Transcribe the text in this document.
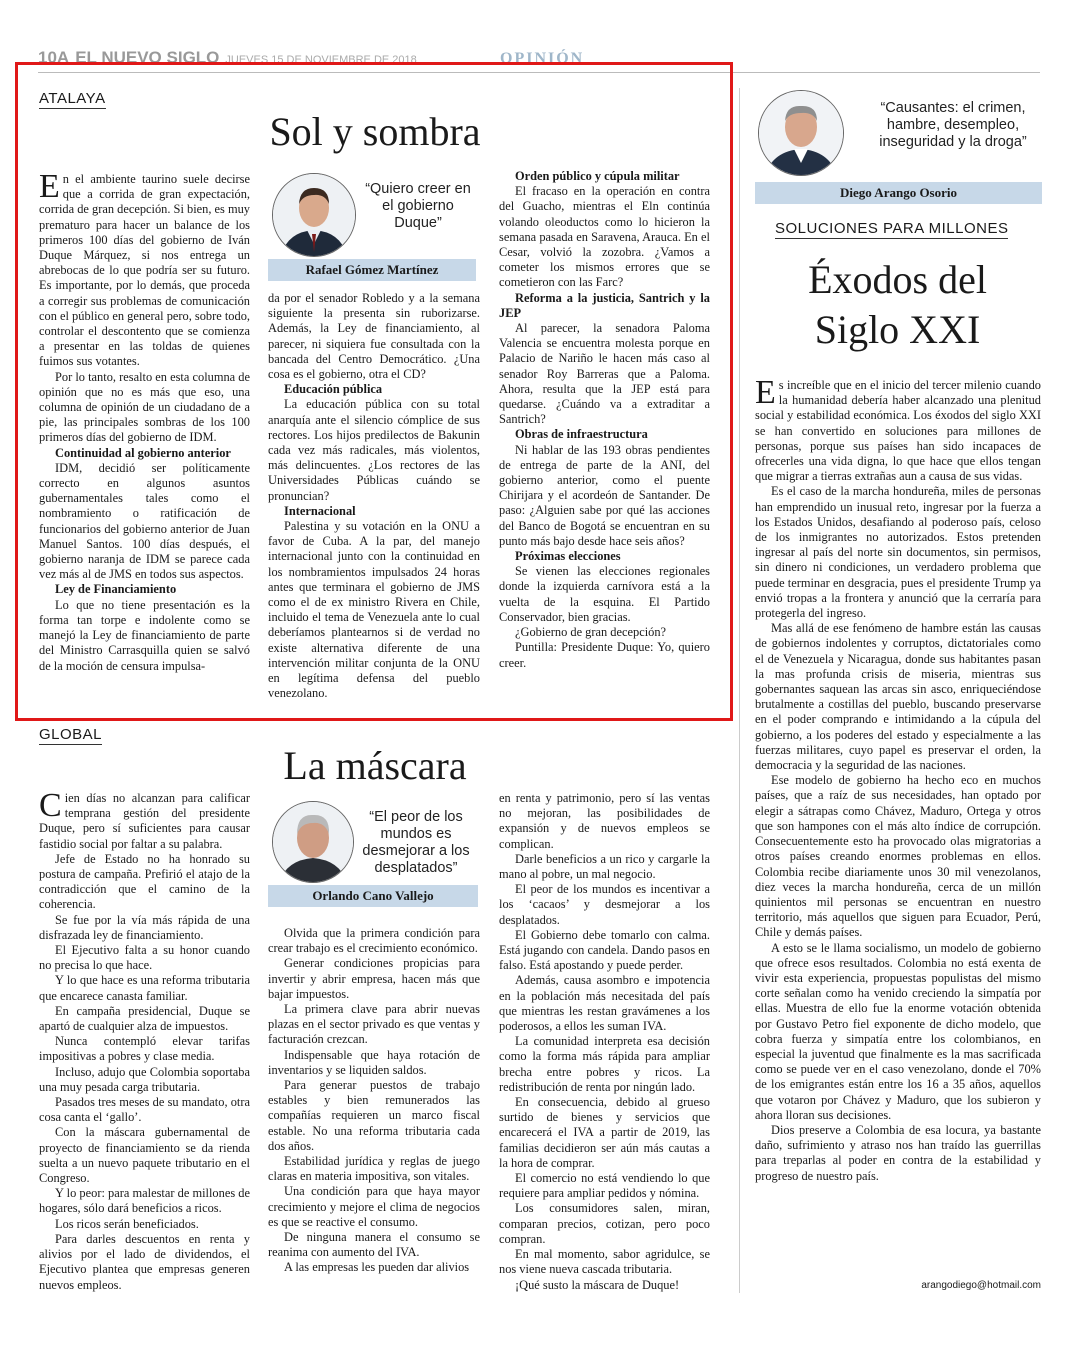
10A EL NUEVO SIGLO JUEVES 15 DE NOVIEMBRE DE 2018	OPINIÓN
ATALAYA
Sol y sombra

En el ambiente taurino suele decirse que a corrida de gran expectación, corrida de gran decepción. Si bien, es muy prematuro para hacer un balance de los primeros 100 días del gobierno de Iván Duque Márquez, si nos entrega un abrebocas de lo que podría ser su futuro. Es importante, por lo demás, que proceda a corregir sus problemas de comunicación con el público en general pero, sobre todo, controlar el descontento que se comienza a presentar en las toldas de quienes fuimos sus votantes.

Por lo tanto, resalto en esta columna de opinión que no es más que eso, una columna de opinión de un ciudadano de a pie, las principales sombras de los 100 primeros días del gobierno de IDM.

Continuidad al gobierno anterior

IDM, decidió ser políticamente correcto en algunos asuntos gubernamentales tales como el nombramiento o ratificación de funcionarios del gobierno anterior de Juan Manuel Santos. 100 días después, el gobierno naranja de IDM se parece cada vez más al de JMS en todos sus aspectos.

Ley de Financiamiento

Lo que no tiene presentación es la forma tan torpe e indolente como se manejó la Ley de financiamiento de parte del Ministro Carrasquilla quien se salvó de la moción de censura impulsa-

“Quiero creer en el gobierno Duque”
Rafael Gómez Martínez

da por el senador Robledo y a la semana siguiente la presenta sin ruborizarse. Además, la Ley de financiamiento, al parecer, ni siquiera fue consultada con la bancada del Centro Democrático. ¿Una cosa es el gobierno, otra el CD?

Educación pública

La educación pública con su total anarquía ante el silencio cómplice de sus rectores. Los hijos predilectos de Bakunin cada vez más radicales, más violentos, más delincuentes. ¿Los rectores de las Universidades Públicas cuándo se pronuncian?

Internacional

Palestina y su votación en la ONU a favor de Cuba. A la par, del manejo internacional junto con la continuidad en los nombramientos impulsados 24 horas antes que terminara el gobierno de JMS como el de ex ministro Rivera en Chile, incluido el tema de Venezuela ante lo cual deberíamos plantearnos si de verdad no existe alternativa diferente de una intervención militar conjunta de la ONU en legítima defensa del pueblo venezolano.

Orden público y cúpula militar

El fracaso en la operación en contra del Guacho, mientras el Eln continúa volando oleoductos como lo hicieron la semana pasada en Saravena, Arauca. En el Cesar, volvió la zozobra. ¿Vamos a cometer los mismos errores que se cometieron con las Farc?

Reforma a la justicia, Santrich y la JEP

Al parecer, la senadora Paloma Valencia se encuentra molesta porque en Palacio de Nariño le hacen más caso al senador Roy Barreras que a Paloma. Ahora, resulta que la JEP está para quedarse. ¿Cuándo va a extraditar a Santrich?

Obras de infraestructura

Ni hablar de las 193 obras pendientes de entrega de parte de la ANI, del gobierno anterior, como el puente Chirijara y el acordeón de Santander. De paso: ¿Alguien sabe por qué las acciones del Banco de Bogotá se encuentran en su punto más bajo desde hace seis años?

Próximas elecciones

Se vienen las elecciones regionales donde la izquierda carnívora está a la vuelta de la esquina. El Partido Conservador, bien gracias.

¿Gobierno de gran decepción?

Puntilla: Presidente Duque: Yo, quiero creer.

GLOBAL
La máscara

Cien días no alcanzan para calificar temprana gestión del presidente Duque, pero sí suficientes para causar fastidio social por faltar a su palabra.

Jefe de Estado no ha honrado su postura de campaña. Prefirió el atajo de la contradicción que el camino de la coherencia.

Se fue por la vía más rápida de una disfrazada ley de financiamiento.

El Ejecutivo falta a su honor cuando no precisa lo que hace.

Y lo que hace es una reforma tributaria que encarece canasta familiar.

En campaña presidencial, Duque se apartó de cualquier alza de impuestos.

Nunca contempló elevar tarifas impositivas a pobres y clase media.

Incluso, adujo que Colombia soportaba una muy pesada carga tributaria.

Pasados tres meses de su mandato, otra cosa canta el ‘gallo’.

Con la máscara gubernamental de proyecto de financiamiento se da rienda suelta a un nuevo paquete tributario en el Congreso.

Y lo peor: para malestar de millones de hogares, sólo dará beneficios a ricos.

Los ricos serán beneficiados.

Para darles descuentos en renta y alivios por el lado de dividendos, el Ejecutivo plantea que empresas generen nuevos empleos.

“El peor de los mundos es desmejorar a los desplatados”
Orlando Cano Vallejo

Olvida que la primera condición para crear trabajo es el crecimiento económico.

Generar condiciones propicias para invertir y abrir empresa, hacen más que bajar impuestos.

La primera clave para abrir nuevas plazas en el sector privado es que ventas y facturación crezcan.

Indispensable que haya rotación de inventarios y se liquiden saldos.

Para generar puestos de trabajo estables y bien remunerados las compañías requieren un marco fiscal estable. No una reforma tributaria cada dos años.

Estabilidad jurídica y reglas de juego claras en materia impositiva, son vitales.

Una condición para que haya mayor crecimiento y mejore el clima de negocios es que se reactive el consumo.

De ninguna manera el consumo se reanima con aumento del IVA.

A las empresas les pueden dar alivios

en renta y patrimonio, pero sí las ventas no mejoran, las posibilidades de expansión y de nuevos empleos se complican.

Darle beneficios a un rico y cargarle la mano al pobre, un mal negocio.

El peor de los mundos es incentivar a los ‘cacaos’ y desmejorar a los desplatados.

El Gobierno debe tomarlo con calma. Está jugando con candela. Dando pasos en falso. Está apostando y puede perder.

Además, causa asombro e impotencia en la población más necesitada del país que mientras les restan gravámenes a los poderosos, a ellos les suman IVA.

La comunidad interpreta esa decisión como la forma más rápida para ampliar brecha entre pobres y ricos. La redistribución de renta por ningún lado.

En consecuencia, debido al grueso surtido de bienes y servicios que encarecerá el IVA a partir de 2019, las familias decidieron ser aún más cautas a la hora de comprar.

El comercio no está vendiendo lo que requiere para ampliar pedidos y nómina.

Los consumidores salen, miran, comparan precios, cotizan, pero poco compran.

En mal momento, sabor agridulce, se nos viene nueva cascada tributaria.

¡Qué susto la máscara de Duque!

“Causantes: el crimen, hambre, desempleo, inseguridad y la droga”
Diego Arango Osorio
SOLUCIONES PARA MILLONES
Éxodos del
Siglo XXI

Es increíble que en el inicio del tercer milenio cuando la humanidad debería haber alcanzado una plenitud social y estabilidad económica. Los éxodos del siglo XXI se han convertido en soluciones para millones de personas, porque sus países han sido incapaces de ofrecerles una vida digna, lo que hace que ellos tengan que migrar a tierras extrañas aun a causa de sus vidas.

Es el caso de la marcha hondureña, miles de personas han emprendido un inusual reto, ingresar por la fuerza a los Estados Unidos, desafiando al poderoso país, celoso de los inmigrantes no autorizados. Estos pretenden ingresar al país del norte sin documentos, sin permisos, sin dinero ni condiciones, un verdadero problema que puede terminar en desgracia, pues el presidente Trump ya envió tropas a la frontera y anunció que la cerraría para protegerla del ingreso.

Mas allá de ese fenómeno de hambre están las causas de gobiernos indolentes y corruptos, dictatoriales como el de Venezuela y Nicaragua, donde sus habitantes pasan la mas profunda crisis de miseria, mientras sus gobernantes saquean las arcas sin asco, enriqueciéndose brutalmente a costillas del pueblo, buscando preservarse en el poder comprando e intimidando a la cúpula del gobierno, a los poderes del estado y especialmente a las fuerzas militares, cuyo papel es preservar el orden, la democracia y la seguridad de las naciones.

Ese modelo de gobierno ha hecho eco en muchos países, que a raíz de sus necesidades, han optado por elegir a sátrapas como Chávez, Maduro, Ortega y otros que son hampones con el más alto índice de corrupción. Consecuentemente esto ha provocado olas migratorias a otros países creando enormes problemas en ellos. Colombia recibe diariamente unos 30 mil venezolanos, diez veces la marcha hondureña, cerca de un millón quinientos mil personas se encuentran en nuestro territorio, más aquellos que siguen para Ecuador, Perú, Chile y demás países.

A esto se le llama socialismo, un modelo de gobierno que ofrece esos resultados. Colombia no está exenta de vivir esta experiencia, propuestas populistas del mismo corte señalan como ha venido creciendo la simpatía por ellas. Muestra de ello fue la enorme votación obtenida por Gustavo Petro fiel exponente de dicho modelo, que cobra fuerza y simpatía entre los colombianos, en especial la juventud que finalmente es la mas sacrificada como se puede ver en el caso venezolano, donde el 70% de los emigrantes están entre los 16 a 35 años, aquellos que votaron por Chávez y Maduro, que los subieron y ahora lloran sus decisiones.

Dios preserve a Colombia de esa locura, ya bastante daño, sufrimiento y atraso nos han traído las guerrillas para treparlas al poder en contra de la estabilidad y progreso de nuestro país.

arangodiego@hotmail.com
